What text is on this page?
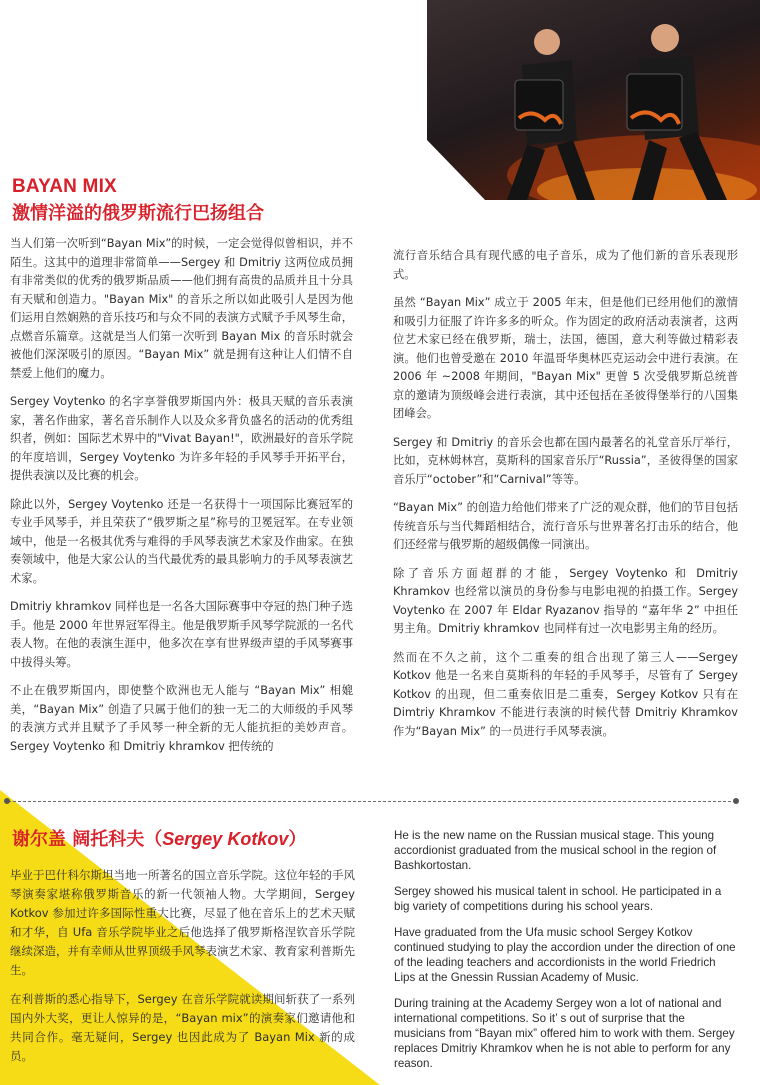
BAYAN MIX
激情洋溢的俄罗斯流行巴扬组合

当人们第一次听到“Bayan Mix”的时候，一定会觉得似曾相识，并不陌生。这其中的道理非常简单——Sergey 和 Dmitriy 这两位成员拥有非常类似的优秀的俄罗斯品质——他们拥有高贵的品质并且十分具有天赋和创造力。"Bayan Mix" 的音乐之所以如此吸引人是因为他们运用自然娴熟的音乐技巧和与众不同的表演方式赋予手风琴生命，点燃音乐篇章。这就是当人们第一次听到 Bayan Mix 的音乐时就会被他们深深吸引的原因。“Bayan Mix” 就是拥有这种让人们情不自禁爱上他们的魔力。

Sergey Voytenko 的名字享誉俄罗斯国内外：极具天赋的音乐表演家，著名作曲家，著名音乐制作人以及众多背负盛名的活动的优秀组织者，例如：国际艺术界中的"Vivat Bayan!"，欧洲最好的音乐学院的年度培训，Sergey Voytenko 为许多年轻的手风琴手开拓平台，提供表演以及比赛的机会。

除此以外，Sergey Voytenko 还是一名获得十一项国际比赛冠军的专业手风琴手，并且荣获了“俄罗斯之星”称号的卫冕冠军。在专业领域中，他是一名极其优秀与难得的手风琴表演艺术家及作曲家。在独奏领域中，他是大家公认的当代最优秀的最具影响力的手风琴表演艺术家。

Dmitriy khramkov 同样也是一名各大国际赛事中夺冠的热门种子选手。他是 2000 年世界冠军得主。他是俄罗斯手风琴学院派的一名代表人物。在他的表演生涯中，他多次在享有世界级声望的手风琴赛事中拔得头筹。

不止在俄罗斯国内，即使整个欧洲也无人能与 “Bayan Mix” 相媲美，“Bayan Mix” 创造了只属于他们的独一无二的大师级的手风琴的表演方式并且赋予了手风琴一种全新的无人能抗拒的美妙声音。Sergey Voytenko 和 Dmitriy khramkov 把传统的

流行音乐结合具有现代感的电子音乐，成为了他们新的音乐表现形式。

虽然 “Bayan Mix” 成立于 2005 年末，但是他们已经用他们的激情和吸引力征服了许许多多的听众。作为固定的政府活动表演者，这两位艺术家已经在俄罗斯，瑞士，法国，德国，意大利等做过精彩表演。他们也曾受邀在 2010 年温哥华奥林匹克运动会中进行表演。在 2006 年 ~2008 年期间，"Bayan Mix" 更曾 5 次受俄罗斯总统普京的邀请为顶级峰会进行表演，其中还包括在圣彼得堡举行的八国集团峰会。

Sergey 和 Dmitriy 的音乐会也都在国内最著名的礼堂音乐厅举行，比如，克林姆林宫，莫斯科的国家音乐厅“Russia”，圣彼得堡的国家音乐厅“october”和“Carnival”等等。

“Bayan Mix” 的创造力给他们带来了广泛的观众群，他们的节目包括传统音乐与当代舞蹈相结合，流行音乐与世界著名打击乐的结合，他们还经常与俄罗斯的超级偶像一同演出。

除了音乐方面超群的才能，Sergey Voytenko 和 Dmitriy Khramkov 也经常以演员的身份参与电影电视的拍摄工作。Sergey Voytenko 在 2007 年 Eldar Ryazanov 指导的 “嘉年华 2” 中担任男主角。Dmitriy khramkov 也同样有过一次电影男主角的经历。

然而在不久之前，这个二重奏的组合出现了第三人——Sergey Kotkov 他是一名来自莫斯科的年轻的手风琴手，尽管有了 Sergey Kotkov 的出现，但二重奏依旧是二重奏，Sergey Kotkov 只有在 Dimtriy Khramkov 不能进行表演的时候代替 Dmitriy Khramkov 作为“Bayan Mix” 的一员进行手风琴表演。

谢尔盖 阔托科夫（Sergey Kotkov）

毕业于巴什科尔斯坦当地一所著名的国立音乐学院。这位年轻的手风琴演奏家堪称俄罗斯音乐的新一代领袖人物。大学期间，Sergey Kotkov 参加过许多国际性重大比赛，尽显了他在音乐上的艺术天赋和才华，自 Ufa 音乐学院毕业之后他选择了俄罗斯格涅钦音乐学院继续深造，并有幸师从世界顶级手风琴表演艺术家、教育家利普斯先生。

在利普斯的悉心指导下，Sergey 在音乐学院就读期间斩获了一系列国内外大奖，更让人惊异的是，“Bayan mix”的演奏家们邀请他和共同合作。毫无疑问，Sergey 也因此成为了 Bayan Mix 新的成员。

He is the new name on the Russian musical stage. This young accordionist graduated from the musical school in the region of Bashkortostan.

Sergey showed his musical talent in school. He participated in a big variety of competitions during his school years.

Have graduated from the Ufa music school Sergey Kotkov continued studying to play the accordion under the direction of one of the leading teachers and accordionists in the world Friedrich Lips at the Gnessin Russian Academy of Music.

During training at the Academy Sergey won a lot of national and international competitions. So it’ s out of surprise that the musicians from “Bayan mix” offered him to work with them. Sergey replaces Dmitriy Khramkov when he is not able to perform for any reason.
